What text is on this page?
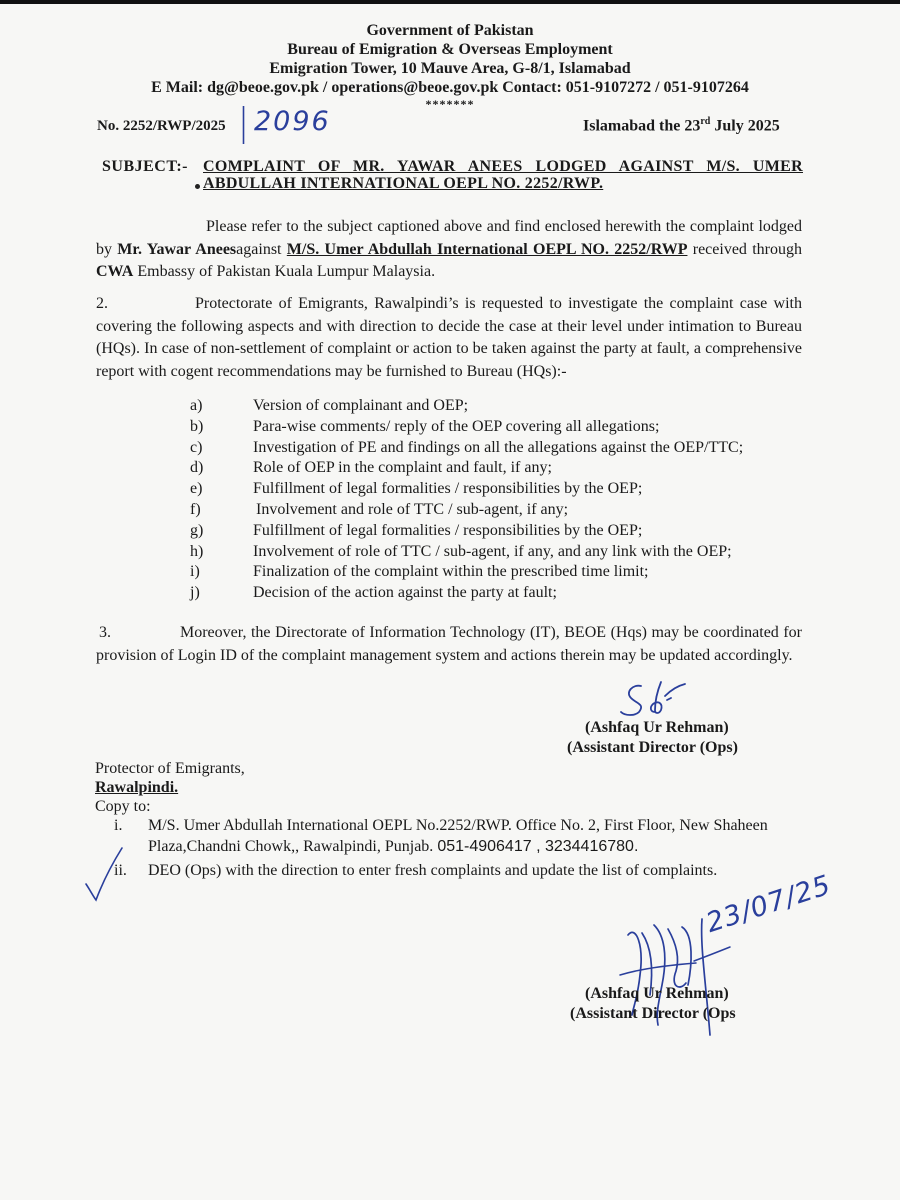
Government of Pakistan
Bureau of Emigration & Overseas Employment
Emigration Tower, 10 Mauve Area, G-8/1, Islamabad
E Mail: dg@beoe.gov.pk / operations@beoe.gov.pk Contact: 051-9107272 / 051-9107264
*******
No. 2252/RWP/2025 2096	Islamabad the 23rd July 2025
SUBJECT:- COMPLAINT OF MR. YAWAR ANEES LODGED AGAINST M/S. UMER
ABDULLAH INTERNATIONAL OEPL NO. 2252/RWP.
Please refer to the subject captioned above and find enclosed herewith the complaint lodged by Mr. Yawar Aneesagainst M/S. Umer Abdullah International OEPL NO. 2252/RWP received through CWA Embassy of Pakistan Kuala Lumpur Malaysia.
2.	Protectorate of Emigrants, Rawalpindi’s is requested to investigate the complaint case with covering the following aspects and with direction to decide the case at their level under intimation to Bureau (HQs). In case of non-settlement of complaint or action to be taken against the party at fault, a comprehensive report with cogent recommendations may be furnished to Bureau (HQs):-
a)	Version of complainant and OEP;
b)	Para-wise comments/ reply of the OEP covering all allegations;
c)	Investigation of PE and findings on all the allegations against the OEP/TTC;
d)	Role of OEP in the complaint and fault, if any;
e)	Fulfillment of legal formalities / responsibilities by the OEP;
f)	Involvement and role of TTC / sub-agent, if any;
g)	Fulfillment of legal formalities / responsibilities by the OEP;
h)	Involvement of role of TTC / sub-agent, if any, and any link with the OEP;
i)	Finalization of the complaint within the prescribed time limit;
j)	Decision of the action against the party at fault;
3.	Moreover, the Directorate of Information Technology (IT), BEOE (Hqs) may be coordinated for provision of Login ID of the complaint management system and actions therein may be updated accordingly.
(Ashfaq Ur Rehman)
(Assistant Director (Ops)
Protector of Emigrants,
Rawalpindi.
Copy to:
i. M/S. Umer Abdullah International OEPL No.2252/RWP. Office No. 2, First Floor, New Shaheen
Plaza,Chandni Chowk,, Rawalpindi, Punjab. 051-4906417 , 3234416780.
ii. DEO (Ops) with the direction to enter fresh complaints and update the list of complaints.
23/07/25
(Ashfaq Ur Rehman)
(Assistant Director (Ops
